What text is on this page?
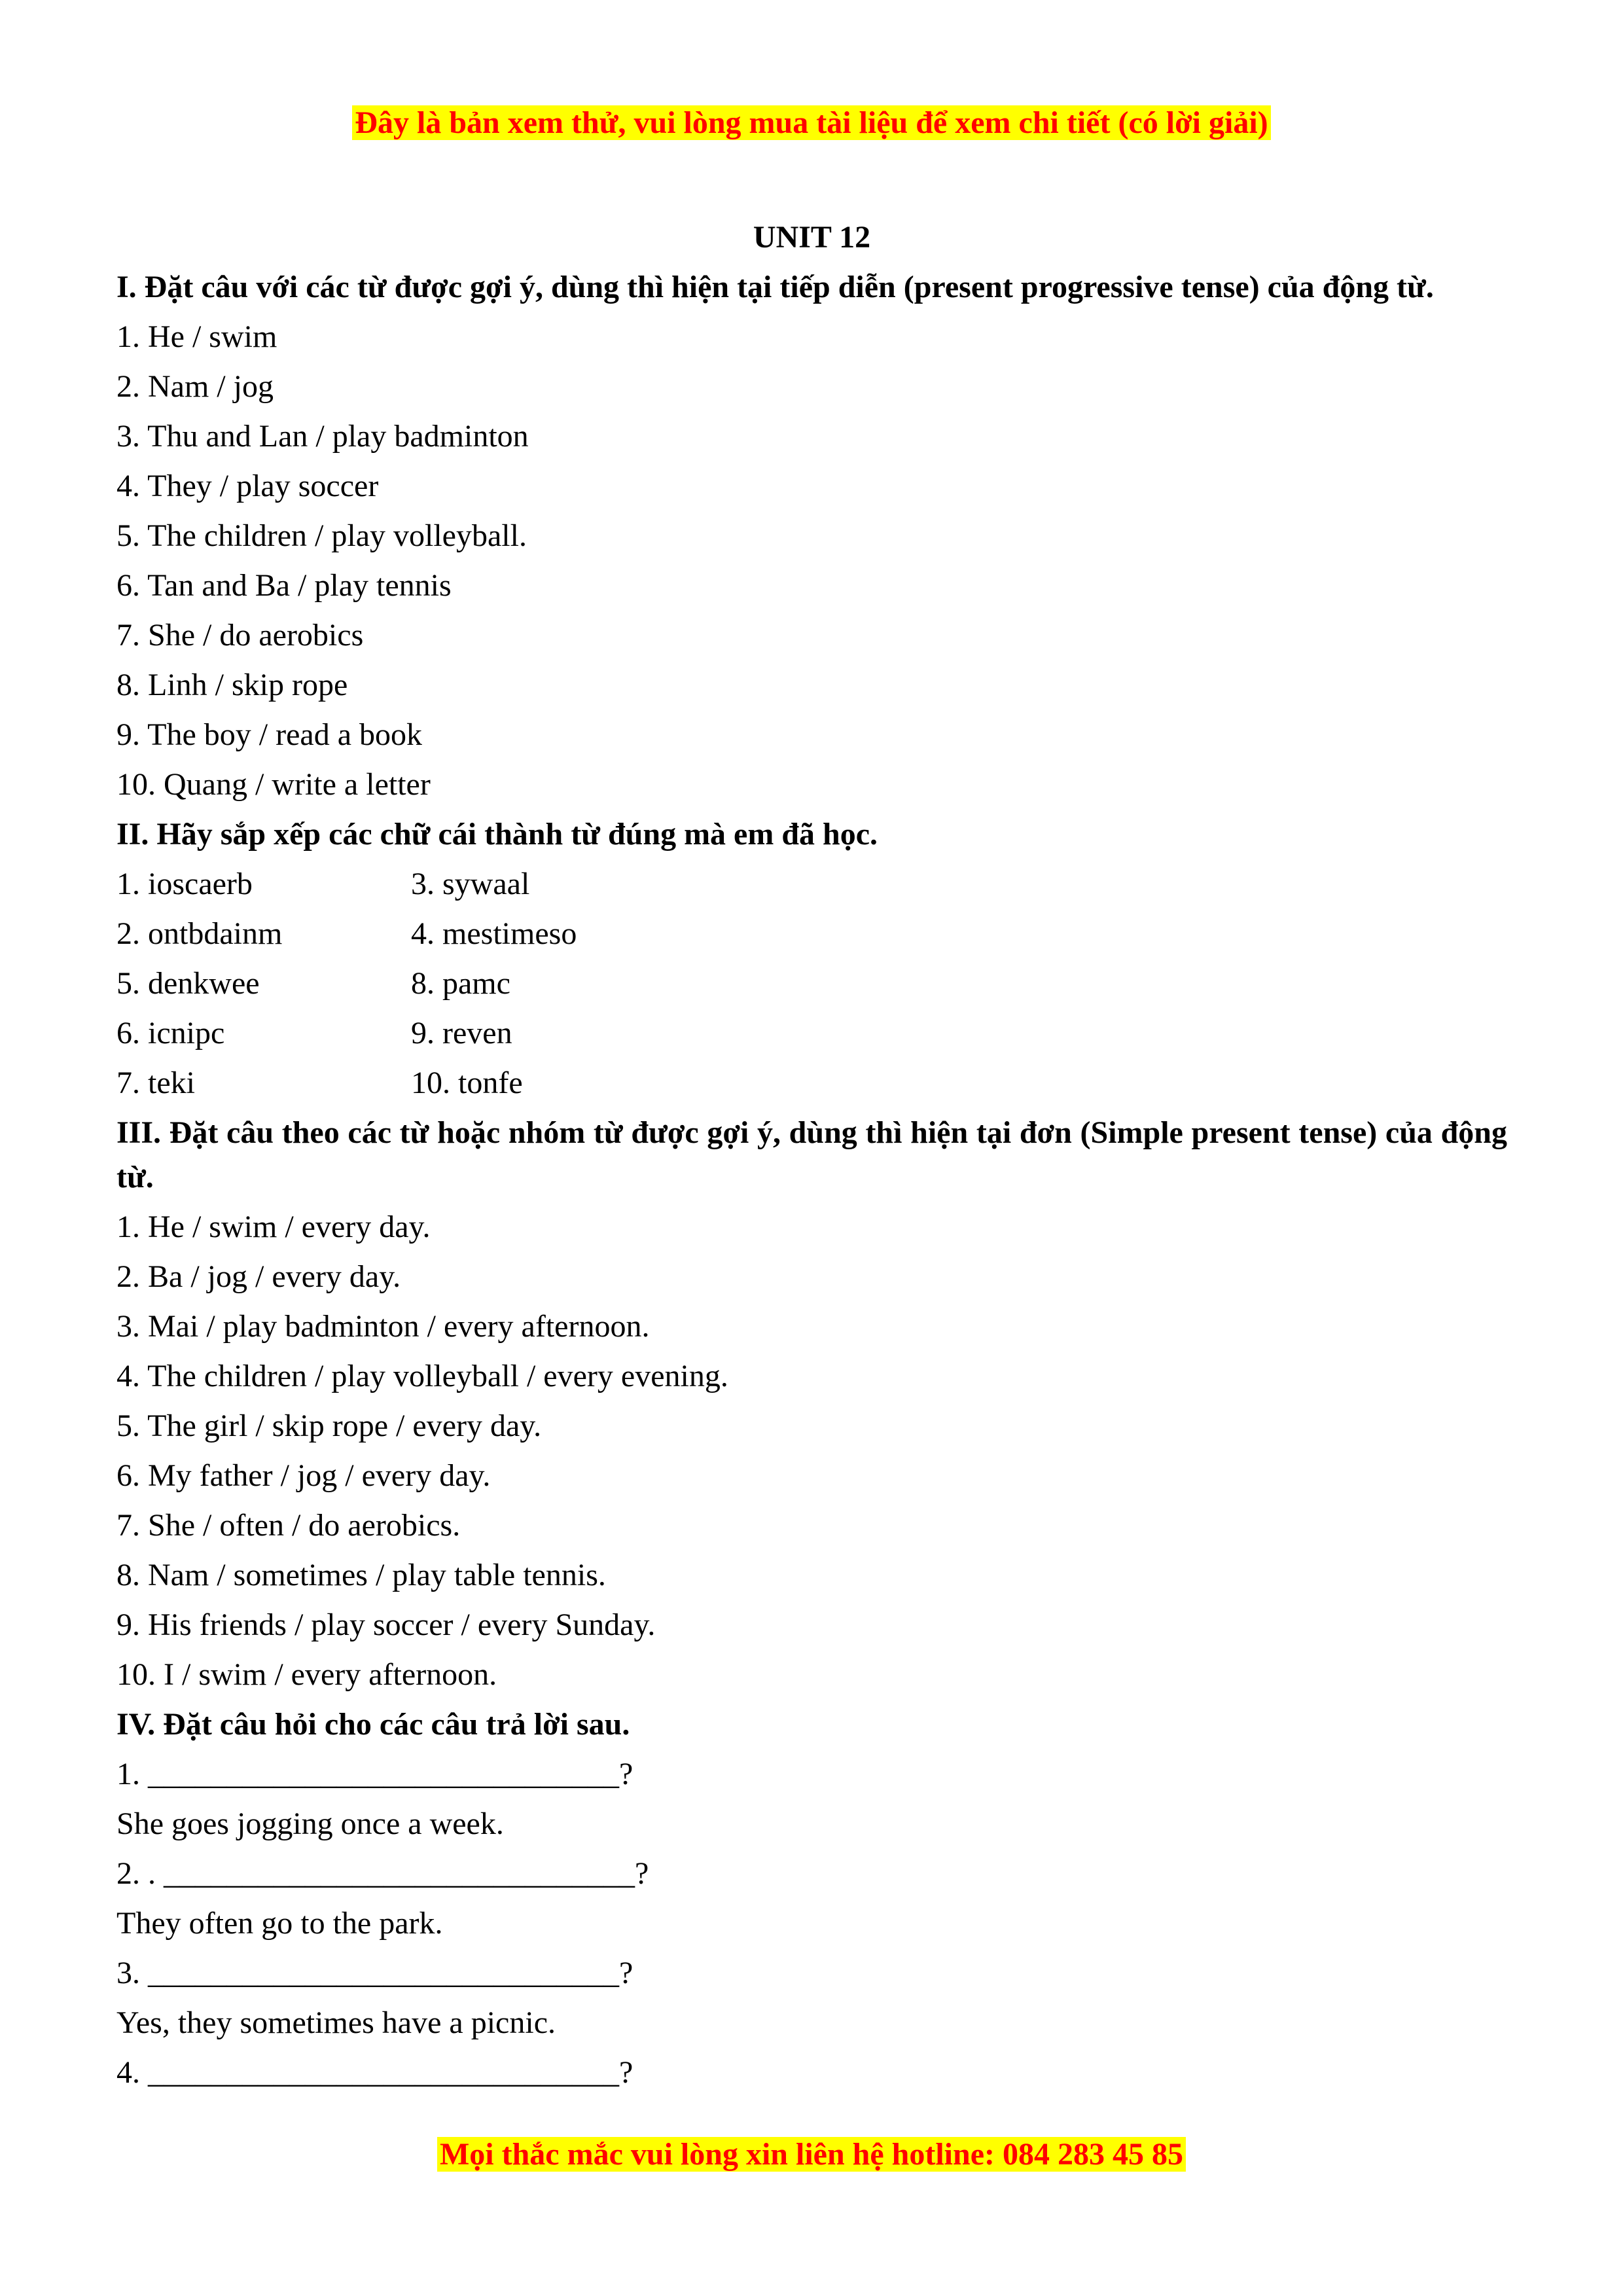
Đây là bản xem thử, vui lòng mua tài liệu để xem chi tiết (có lời giải)
UNIT 12
I. Đặt câu với các từ được gợi ý, dùng thì hiện tại tiếp diễn (present progressive tense) của động từ.
1. He / swim
2. Nam / jog
3. Thu and Lan / play badminton
4. They / play soccer
5. The children / play volleyball.
6. Tan and Ba / play tennis
7. She / do aerobics
8. Linh / skip rope
9. The boy / read a book
10. Quang / write a letter
II. Hãy sắp xếp các chữ cái thành từ đúng mà em đã học.
1. ioscaerb	3. sywaal
2. ontbdainm	4. mestimeso
5. denkwee	8. pamc
6. icnipc	9. reven
7. teki	10. tonfe
III. Đặt câu theo các từ hoặc nhóm từ được gợi ý, dùng thì hiện tại đơn (Simple present tense) của động từ.
1. He / swim / every day.
2. Ba / jog / every day.
3. Mai / play badminton / every afternoon.
4. The children / play volleyball / every evening.
5. The girl / skip rope / every day.
6. My father / jog / every day.
7. She / often / do aerobics.
8. Nam / sometimes / play table tennis.
9. His friends / play soccer / every Sunday.
10. I / swim / every afternoon.
IV. Đặt câu hỏi cho các câu trả lời sau.
1. ______________________________?
She goes jogging once a week.
2. . ______________________________?
They often go to the park.
3. ______________________________?
Yes, they sometimes have a picnic.
4. ______________________________?
Mọi thắc mắc vui lòng xin liên hệ hotline: 084 283 45 85
